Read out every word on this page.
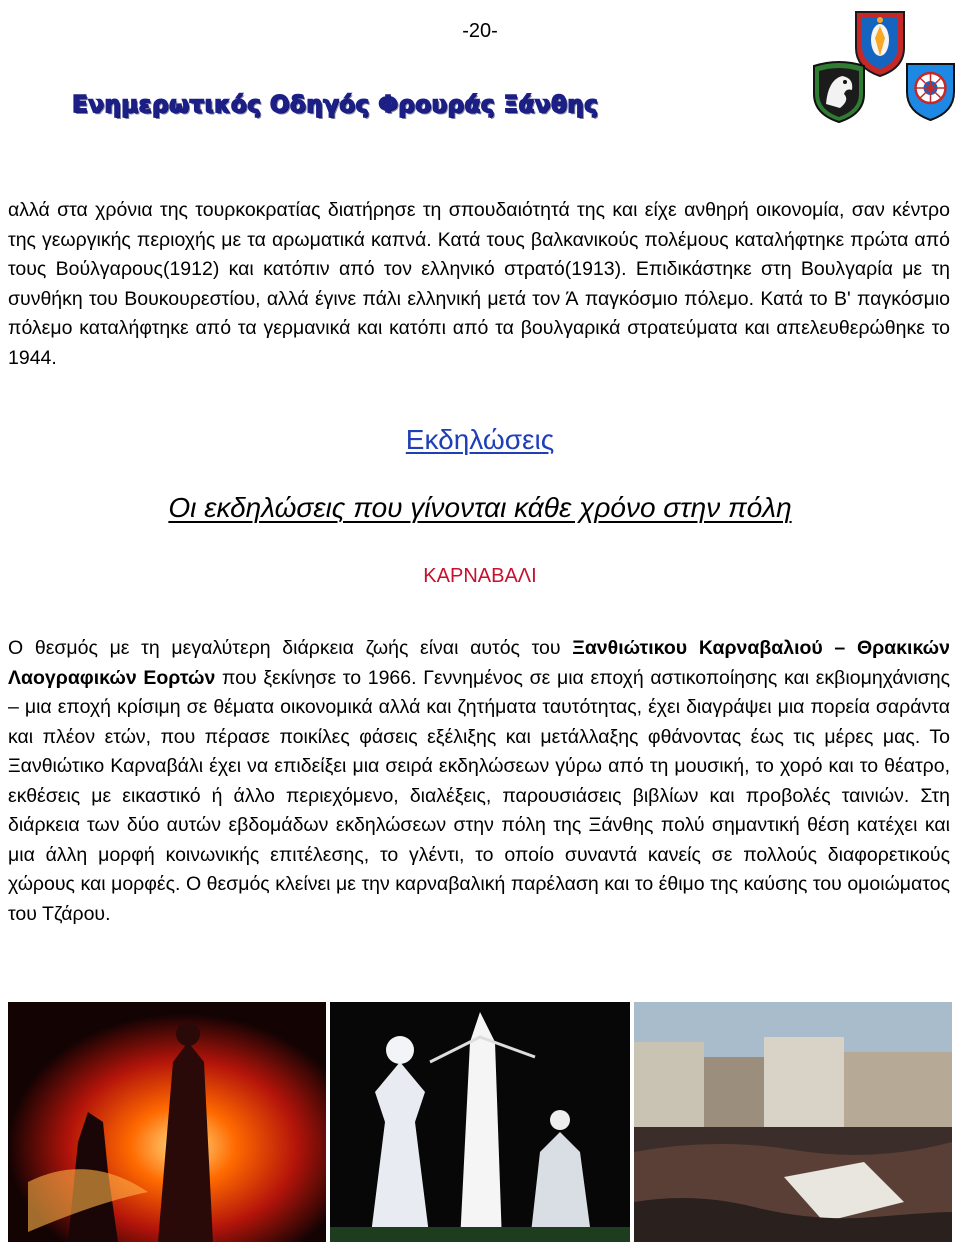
-20-
Ενημερωτικός Οδηγός Φρουράς Ξάνθης

αλλά στα χρόνια της τουρκοκρατίας διατήρησε τη σπουδαιότητά της και είχε ανθηρή οικονομία, σαν κέντρο της γεωργικής περιοχής με τα αρωματικά καπνά. Κατά τους βαλκανικούς πολέμους καταλήφτηκε πρώτα από τους Βούλγαρους(1912) και κατόπιν από τον ελληνικό στρατό(1913). Επιδικάστηκε στη Βουλγαρία με τη συνθήκη του Βουκουρεστίου, αλλά έγινε πάλι ελληνική μετά τον Ά παγκόσμιο πόλεμο. Κατά το Β' παγκόσμιο πόλεμο καταλήφτηκε από τα γερμανικά και κατόπι από τα βουλγαρικά στρατεύματα και απελευθερώθηκε το 1944.

Εκδηλώσεις
Οι εκδηλώσεις που γίνονται κάθε χρόνο στην πόλη
ΚΑΡΝΑΒΑΛΙ

Ο θεσμός με τη μεγαλύτερη διάρκεια ζωής είναι αυτός του Ξανθιώτικου Καρναβαλιού – Θρακικών Λαογραφικών Εορτών που ξεκίνησε το 1966. Γεννημένος σε μια εποχή αστικοποίησης και εκβιομηχάνισης – μια εποχή κρίσιμη σε θέματα οικονομικά αλλά και ζητήματα ταυτότητας, έχει διαγράψει μια πορεία σαράντα και πλέον ετών, που πέρασε ποικίλες φάσεις εξέλιξης και μετάλλαξης φθάνοντας έως τις μέρες μας. Το Ξανθιώτικο Καρναβάλι έχει να επιδείξει μια σειρά εκδηλώσεων γύρω από τη μουσική, το χορό και το θέατρο, εκθέσεις με εικαστικό ή άλλο περιεχόμενο, διαλέξεις, παρουσιάσεις βιβλίων και προβολές ταινιών. Στη διάρκεια των δύο αυτών εβδομάδων εκδηλώσεων στην πόλη της Ξάνθης πολύ σημαντική θέση κατέχει και μια άλλη μορφή κοινωνικής επιτέλεσης, το γλέντι, το οποίο συναντά κανείς σε πολλούς διαφορετικούς χώρους και μορφές. Ο θεσμός κλείνει με την καρναβαλική παρέλαση και το έθιμο της καύσης του ομοιώματος του Τζάρου.
